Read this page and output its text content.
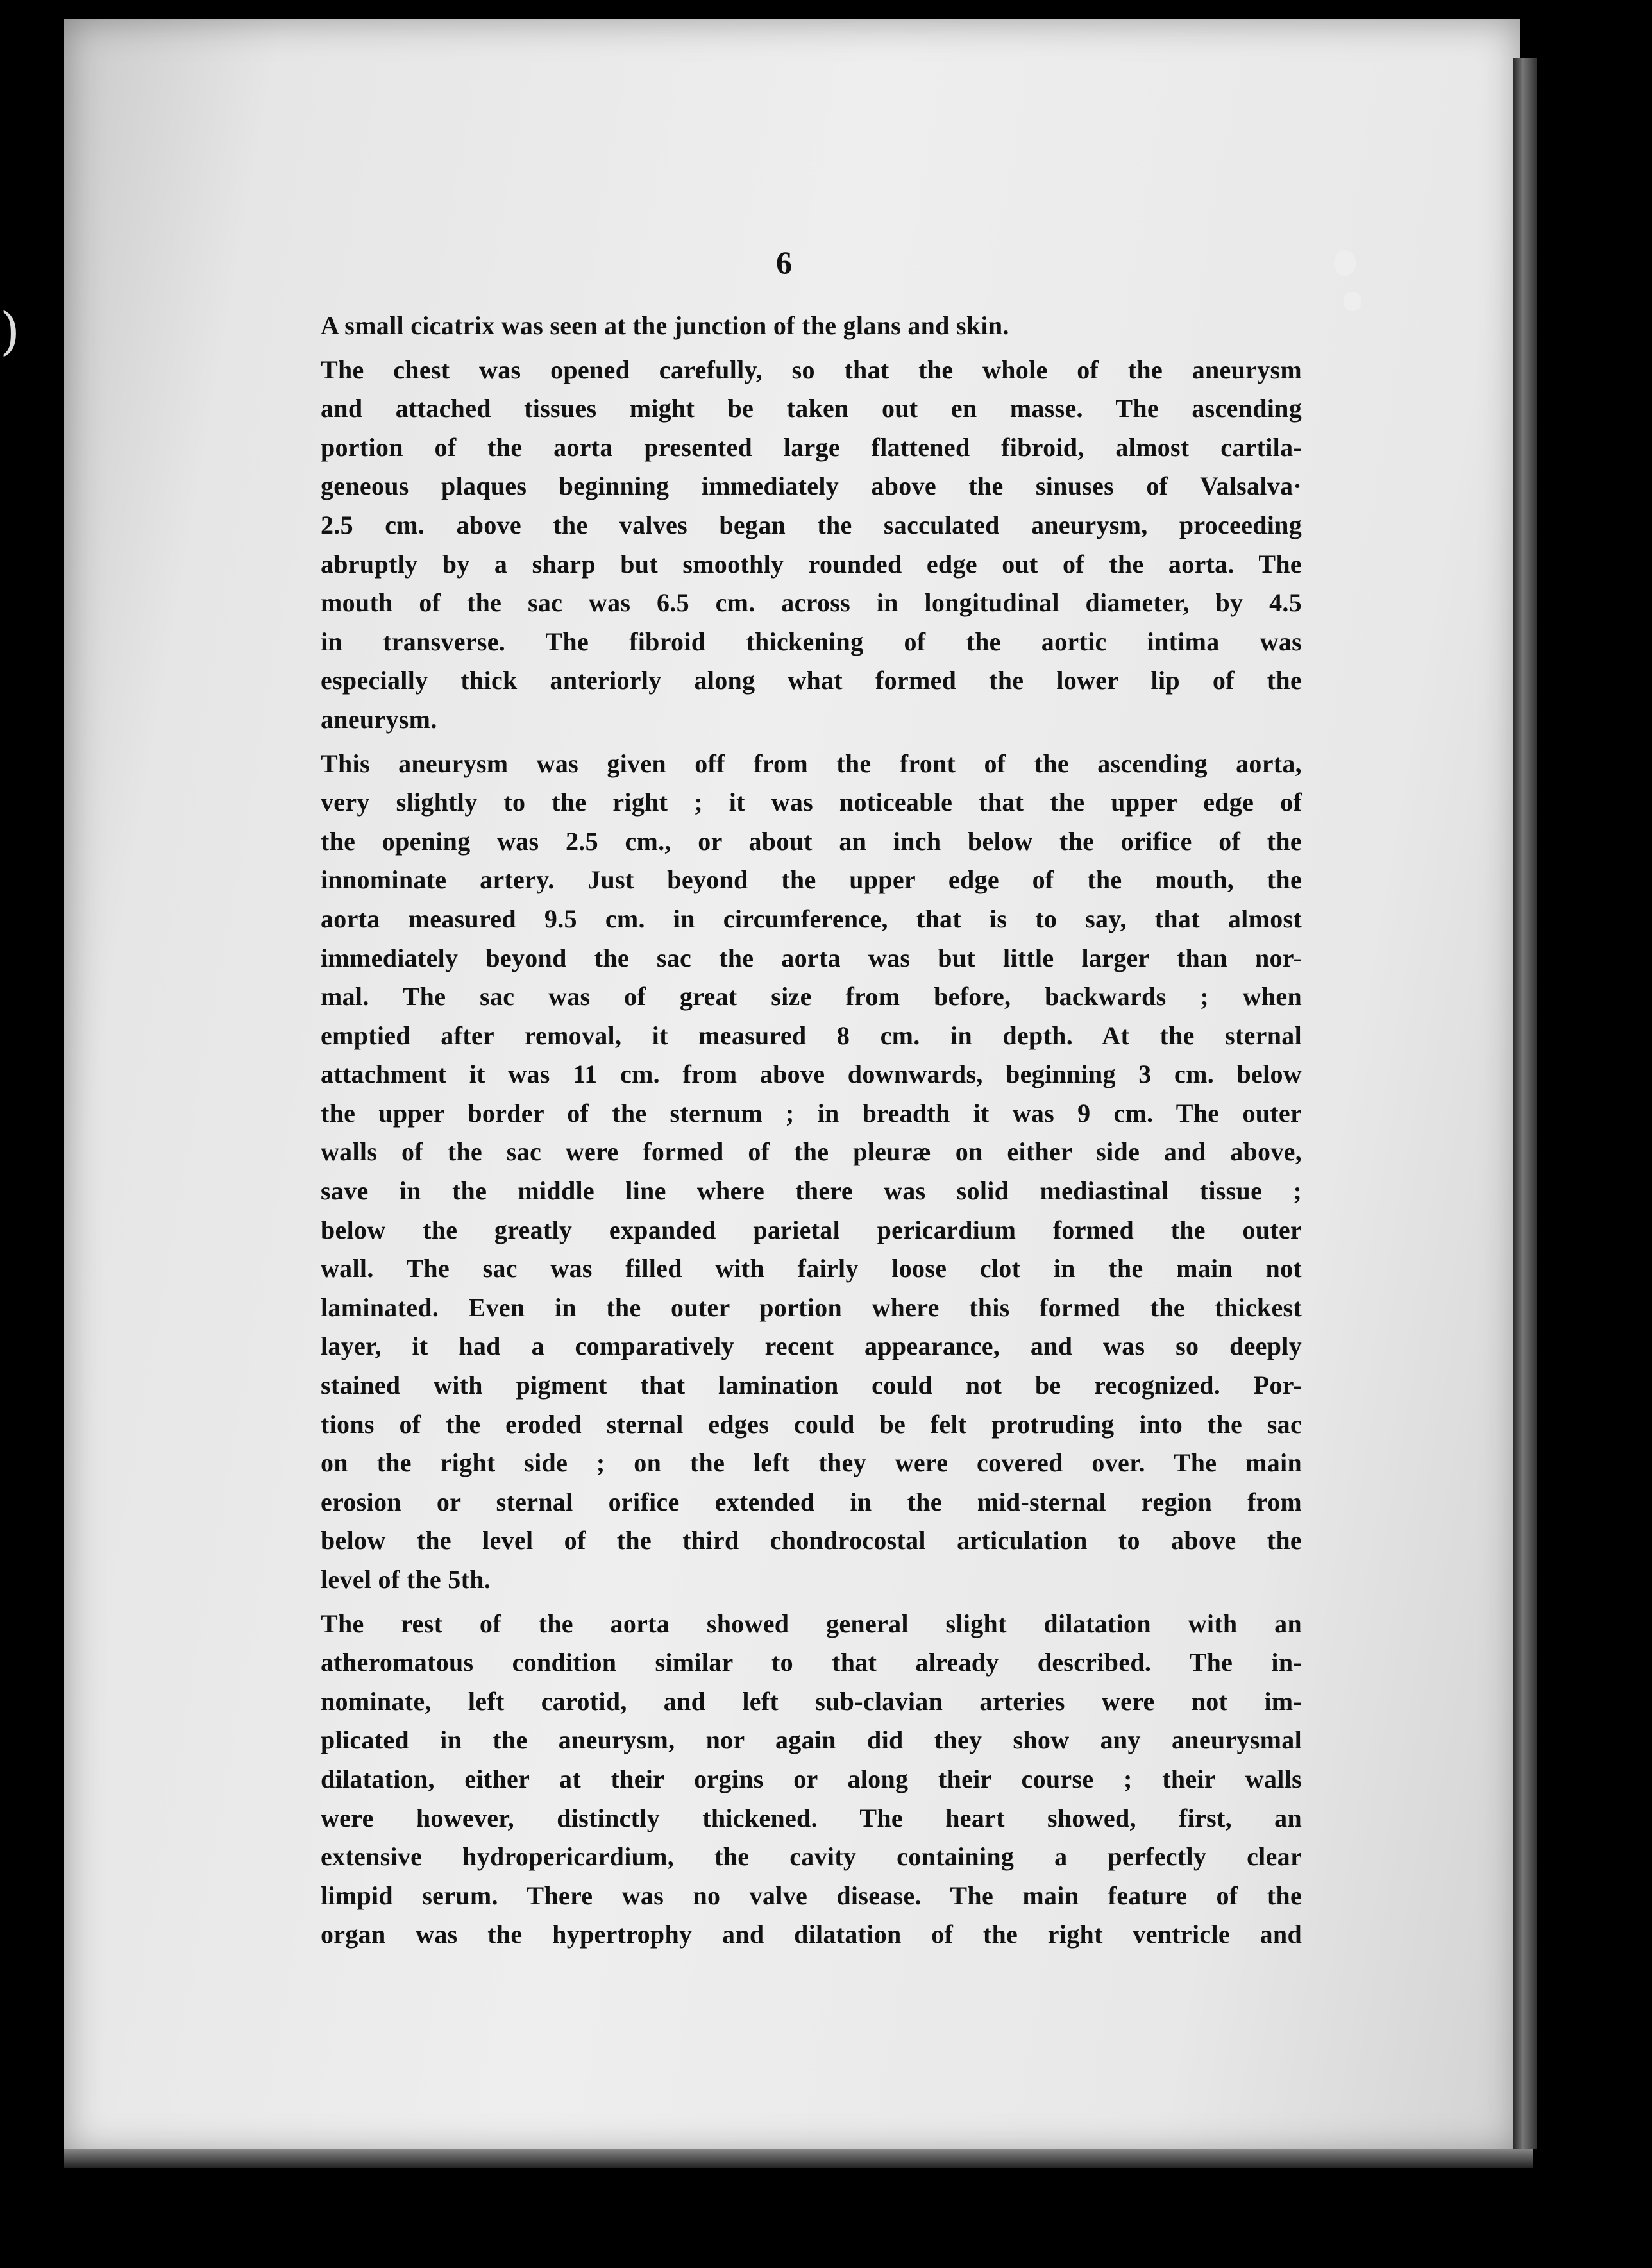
)
6
A small cicatrix was seen at the junction of the glans and skin.
The chest was opened carefully, so that the whole of the aneurysm
and attached tissues might be taken out en masse. The ascending
portion of the aorta presented large flattened fibroid, almost cartila-
geneous plaques beginning immediately above the sinuses of Valsalva·
2.5 cm. above the valves began the sacculated aneurysm, proceeding
abruptly by a sharp but smoothly rounded edge out of the aorta. The
mouth of the sac was 6.5 cm. across in longitudinal diameter, by 4.5
in transverse. The fibroid thickening of the aortic intima was
especially thick anteriorly along what formed the lower lip of the
aneurysm.
This aneurysm was given off from the front of the ascending aorta,
very slightly to the right ; it was noticeable that the upper edge of
the opening was 2.5 cm., or about an inch below the orifice of the
innominate artery. Just beyond the upper edge of the mouth, the
aorta measured 9.5 cm. in circumference, that is to say, that almost
immediately beyond the sac the aorta was but little larger than nor-
mal. The sac was of great size from before, backwards ; when
emptied after removal, it measured 8 cm. in depth. At the sternal
attachment it was 11 cm. from above downwards, beginning 3 cm. below
the upper border of the sternum ; in breadth it was 9 cm. The outer
walls of the sac were formed of the pleuræ on either side and above,
save in the middle line where there was solid mediastinal tissue ;
below the greatly expanded parietal pericardium formed the outer
wall. The sac was filled with fairly loose clot in the main not
laminated. Even in the outer portion where this formed the thickest
layer, it had a comparatively recent appearance, and was so deeply
stained with pigment that lamination could not be recognized. Por-
tions of the eroded sternal edges could be felt protruding into the sac
on the right side ; on the left they were covered over. The main
erosion or sternal orifice extended in the mid-sternal region from
below the level of the third chondrocostal articulation to above the
level of the 5th.
The rest of the aorta showed general slight dilatation with an
atheromatous condition similar to that already described. The in-
nominate, left carotid, and left sub-clavian arteries were not im-
plicated in the aneurysm, nor again did they show any aneurysmal
dilatation, either at their orgins or along their course ; their walls
were however, distinctly thickened. The heart showed, first, an
extensive hydropericardium, the cavity containing a perfectly clear
limpid serum. There was no valve disease. The main feature of the
organ was the hypertrophy and dilatation of the right ventricle and
